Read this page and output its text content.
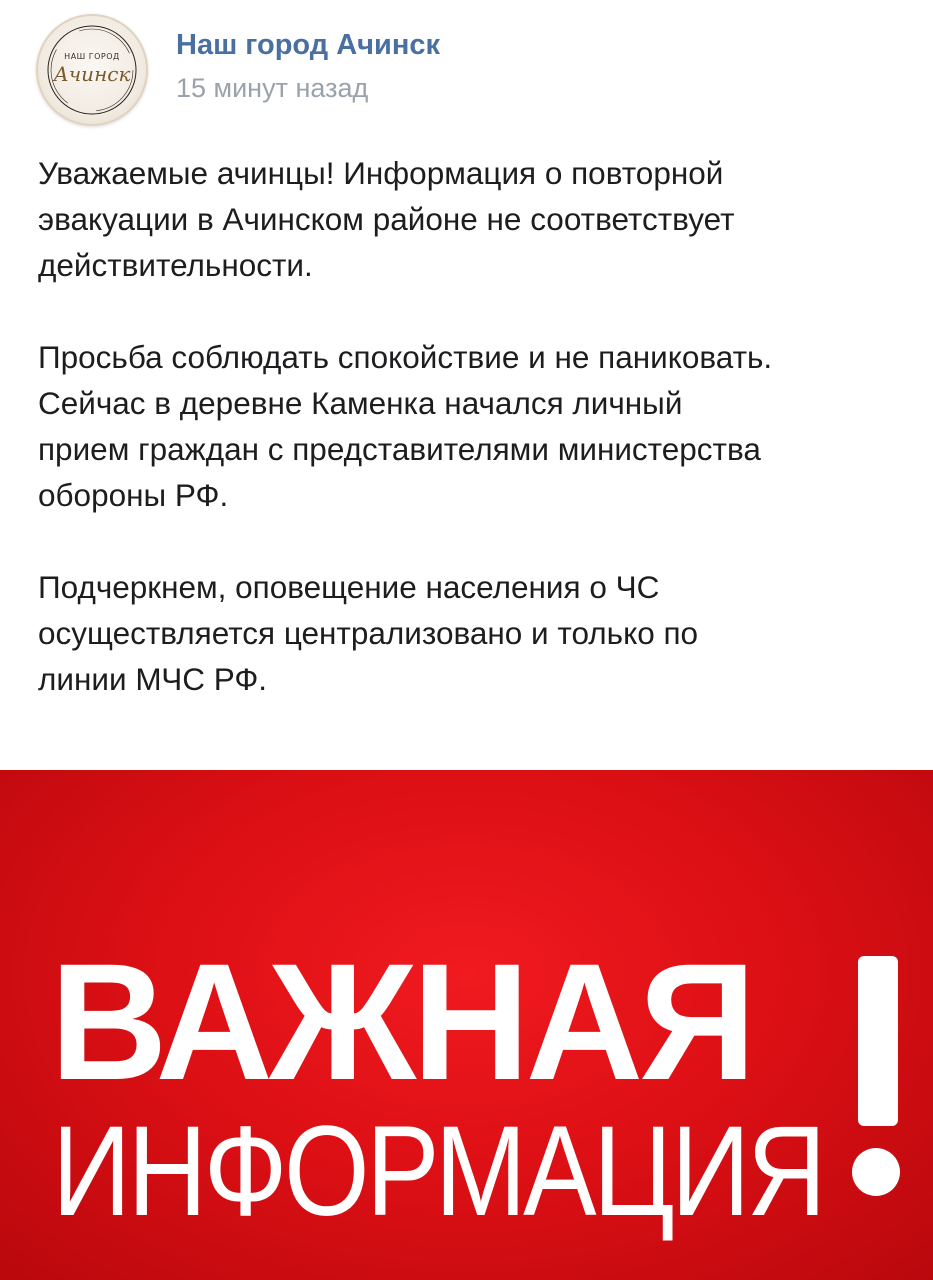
НАШ ГОРОД
Ачинск
Наш город Ачинск
15 минут назад

Уважаемые ачинцы! Информация о повторной
эвакуации в Ачинском районе не соответствует
действительности.

Просьба соблюдать спокойствие и не паниковать.
Сейчас в деревне Каменка начался личный
прием граждан с представителями министерства
обороны РФ.

Подчеркнем, оповещение населения о ЧС
осуществляется централизовано и только по
линии МЧС РФ.

ВАЖНАЯ
ИНФОРМАЦИЯ
